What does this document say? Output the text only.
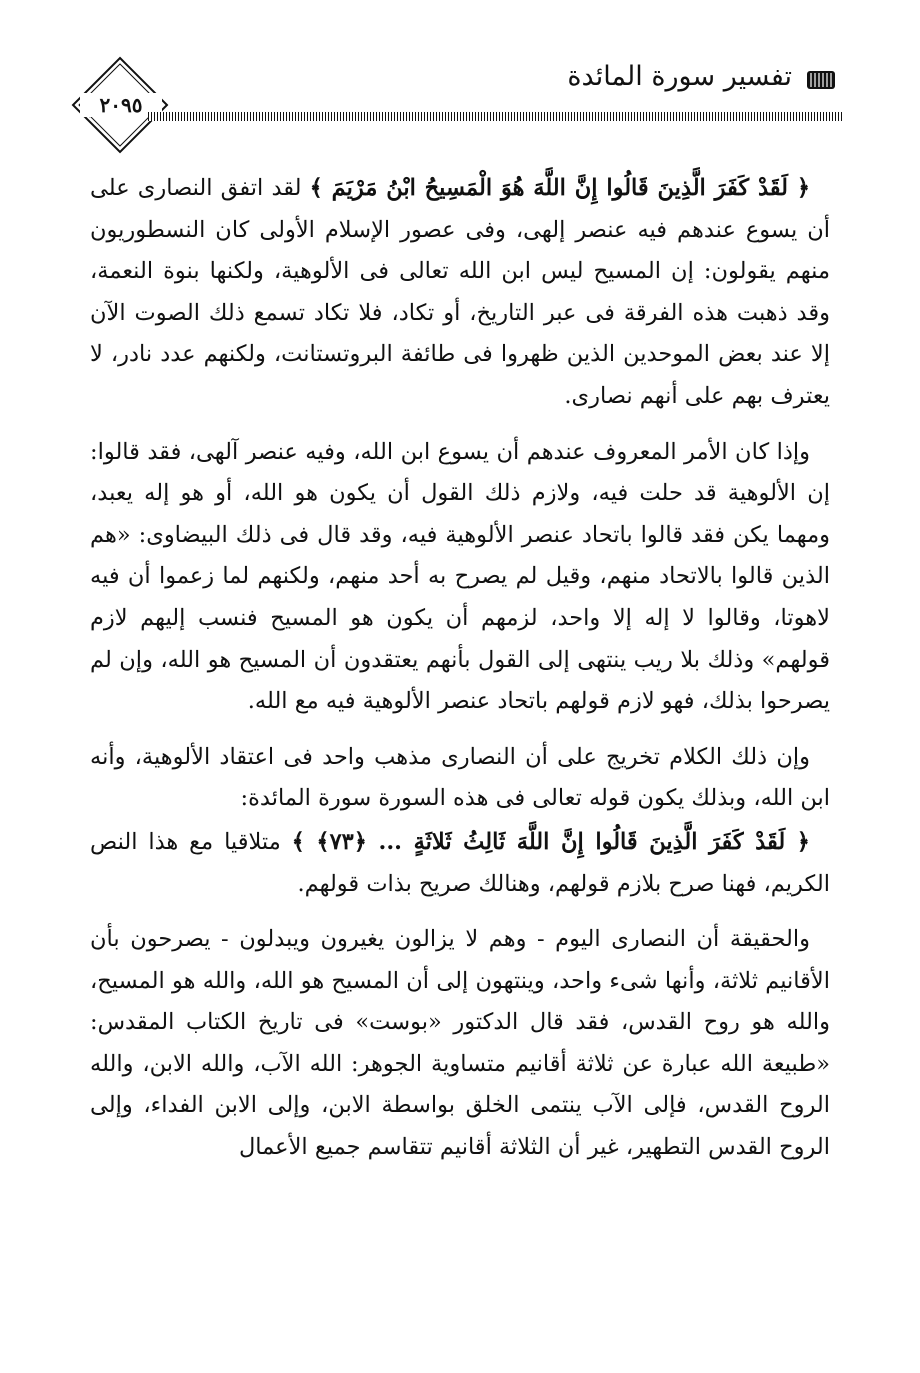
٢٠٩٥
تفسير سورة المائدة

﴿ لَقَدْ كَفَرَ الَّذِينَ قَالُوا إِنَّ اللَّهَ هُوَ الْمَسِيحُ ابْنُ مَرْيَمَ ﴾ لقد اتفق النصارى على أن يسوع عندهم فيه عنصر إلهى، وفى عصور الإسلام الأولى كان النسطوريون منهم يقولون: إن المسيح ليس ابن الله تعالى فى الألوهية، ولكنها بنوة النعمة، وقد ذهبت هذه الفرقة فى عبر التاريخ، أو تكاد، فلا تكاد تسمع ذلك الصوت الآن إلا عند بعض الموحدين الذين ظهروا فى طائفة البروتستانت، ولكنهم عدد نادر، لا يعترف بهم على أنهم نصارى.

وإذا كان الأمر المعروف عندهم أن يسوع ابن الله، وفيه عنصر آلهى، فقد قالوا: إن الألوهية قد حلت فيه، ولازم ذلك القول أن يكون هو الله، أو هو إله يعبد، ومهما يكن فقد قالوا باتحاد عنصر الألوهية فيه، وقد قال فى ذلك البيضاوى: «هم الذين قالوا بالاتحاد منهم، وقيل لم يصرح به أحد منهم، ولكنهم لما زعموا أن فيه لاهوتا، وقالوا لا إله إلا واحد، لزمهم أن يكون هو المسيح فنسب إليهم لازم قولهم» وذلك بلا ريب ينتهى إلى القول بأنهم يعتقدون أن المسيح هو الله، وإن لم يصرحوا بذلك، فهو لازم قولهم باتحاد عنصر الألوهية فيه مع الله.

وإن ذلك الكلام تخريج على أن النصارى مذهب واحد فى اعتقاد الألوهية، وأنه ابن الله، وبذلك يكون قوله تعالى فى هذه السورة سورة المائدة:

﴿ لَقَدْ كَفَرَ الَّذِينَ قَالُوا إِنَّ اللَّهَ ثَالِثُ ثَلاثَةٍ ... ﴿٧٣﴾ ﴾ متلاقيا مع هذا النص الكريم، فهنا صرح بلازم قولهم، وهنالك صريح بذات قولهم.

والحقيقة أن النصارى اليوم - وهم لا يزالون يغيرون ويبدلون - يصرحون بأن الأقانيم ثلاثة، وأنها شىء واحد، وينتهون إلى أن المسيح هو الله، والله هو المسيح، والله هو روح القدس، فقد قال الدكتور «بوست» فى تاريخ الكتاب المقدس: «طبيعة الله عبارة عن ثلاثة أقانيم متساوية الجوهر: الله الآب، والله الابن، والله الروح القدس، فإلى الآب ينتمى الخلق بواسطة الابن، وإلى الابن الفداء، وإلى الروح القدس التطهير، غير أن الثلاثة أقانيم تتقاسم جميع الأعمال
